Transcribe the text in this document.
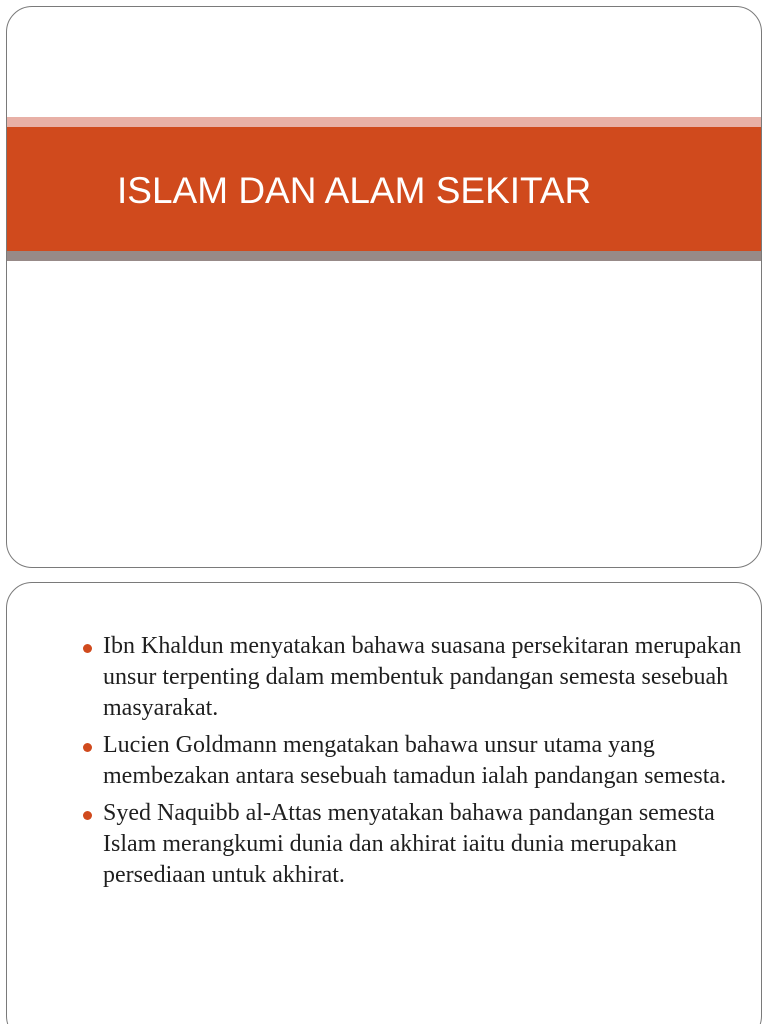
ISLAM DAN ALAM SEKITAR
Ibn Khaldun menyatakan bahawa suasana persekitaran merupakan unsur terpenting dalam membentuk pandangan semesta sesebuah masyarakat.
Lucien Goldmann mengatakan bahawa unsur utama yang membezakan antara sesebuah tamadun ialah pandangan semesta.
Syed Naquibb al-Attas menyatakan bahawa pandangan semesta Islam merangkumi dunia dan akhirat iaitu dunia merupakan persediaan untuk akhirat.
